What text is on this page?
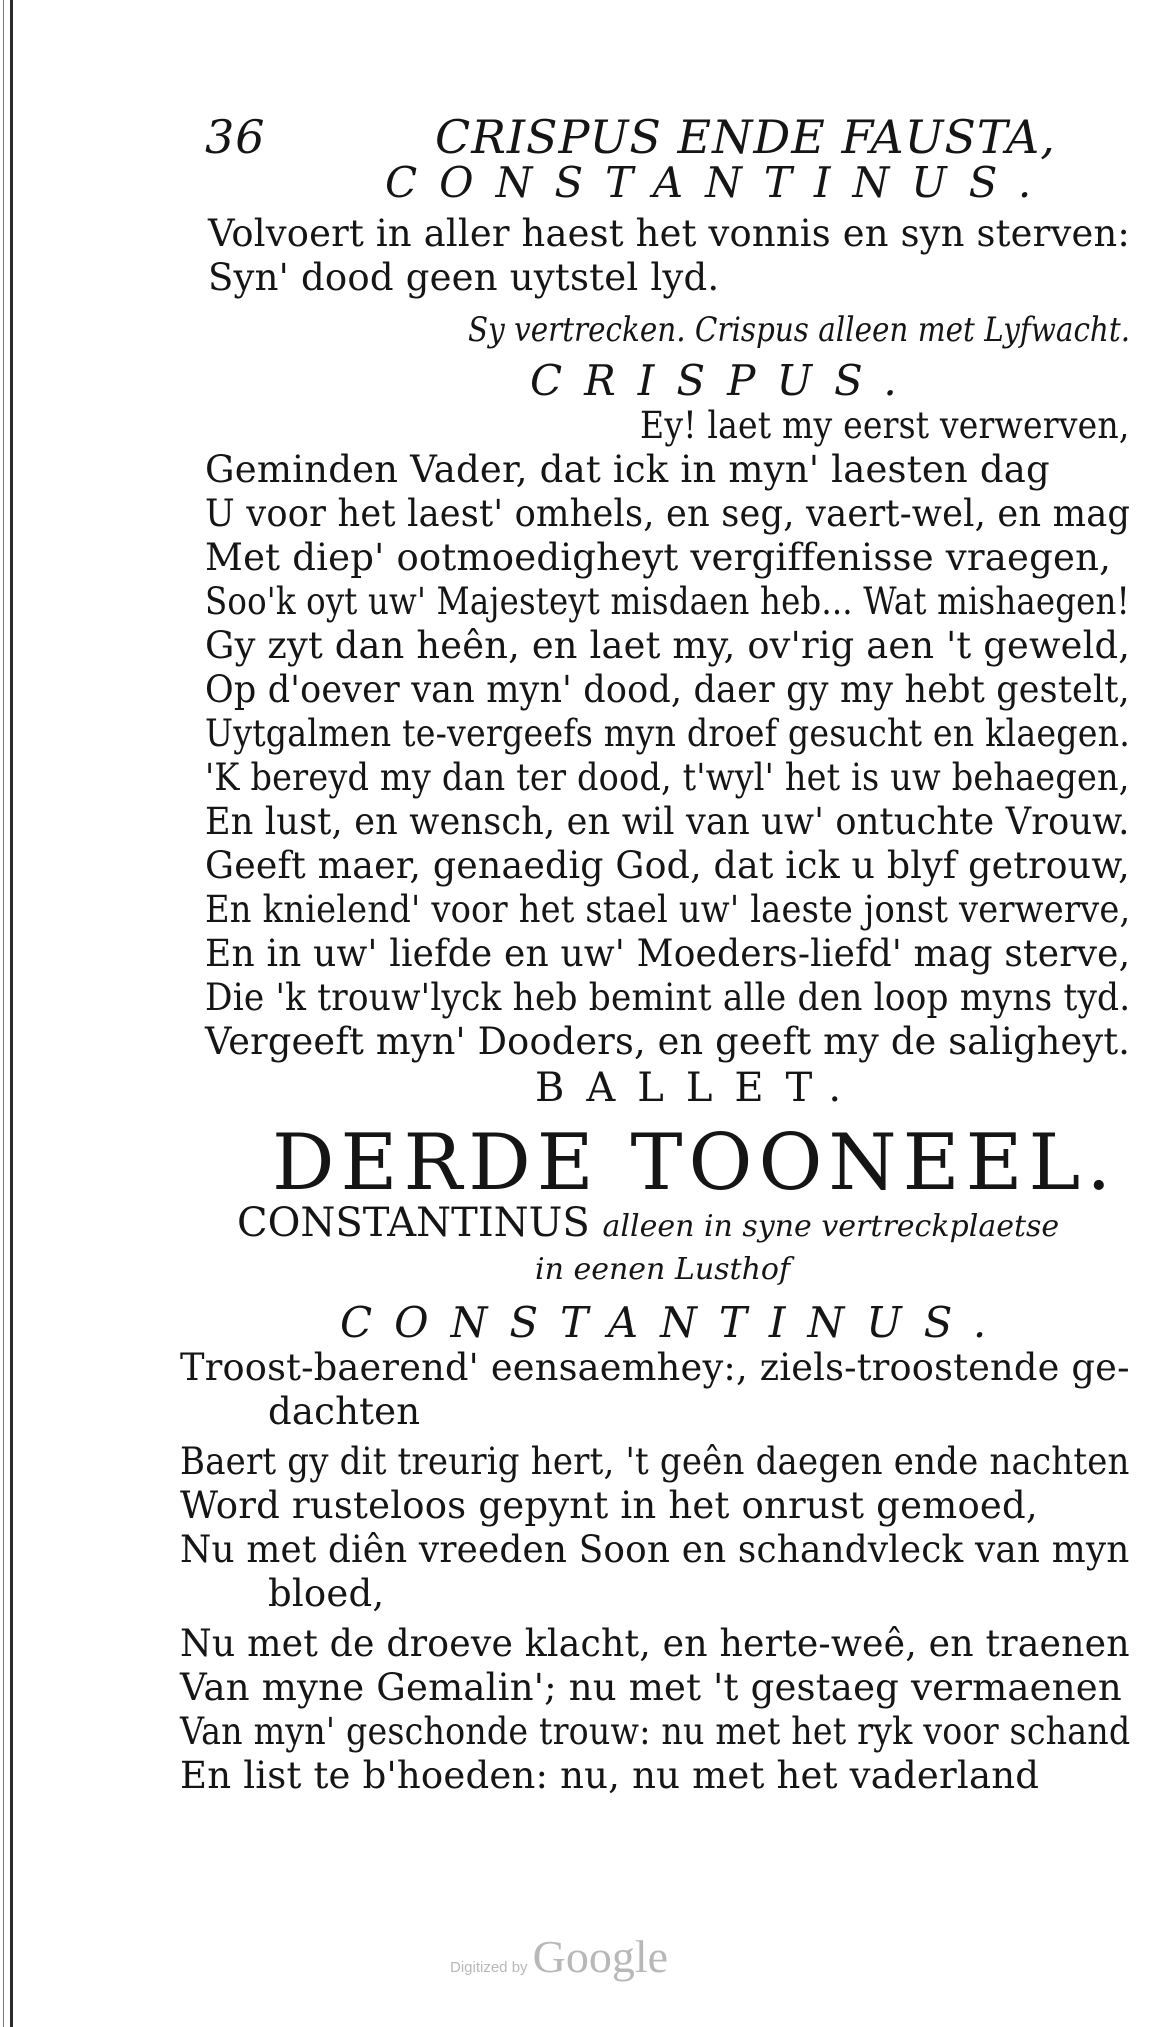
36	CRISPUS ENDE FAUSTA,
CONSTANTINUS.
Volvoert in aller haest het vonnis en syn sterven:
Syn' dood geen uytstel lyd.
Sy vertrecken. Crispus alleen met Lyfwacht.
CRISPUS.
Ey! laet my eerst verwerven,
Geminden Vader, dat ick in myn' laesten dag
U voor het laest' omhels, en seg, vaert-wel, en mag
Met diep' ootmoedigheyt vergiffenisse vraegen,
Soo'k oyt uw' Majesteyt misdaen heb... Wat mishaegen!
Gy zyt dan heên, en laet my, ov'rig aen 't geweld,
Op d'oever van myn' dood, daer gy my hebt gestelt,
Uytgalmen te-vergeefs myn droef gesucht en klaegen.
'K bereyd my dan ter dood, t'wyl' het is uw behaegen,
En lust, en wensch, en wil van uw' ontuchte Vrouw.
Geeft maer, genaedig God, dat ick u blyf getrouw,
En knielend' voor het stael uw' laeste jonst verwerve,
En in uw' liefde en uw' Moeders-liefd' mag sterve,
Die 'k trouw'lyck heb bemint alle den loop myns tyd.
Vergeeft myn' Dooders, en geeft my de saligheyt.
BALLET.
DERDE TOONEEL.
CONSTANTINUS alleen in syne vertreckplaetse
in eenen Lusthof
CONSTANTINUS.
Troost-baerend' eensaemhey:, ziels-troostende ge-
dachten
Baert gy dit treurig hert, 't geên daegen ende nachten
Word rusteloos gepynt in het onrust gemoed,
Nu met diên vreeden Soon en schandvleck van myn
bloed,
Nu met de droeve klacht, en herte-weê, en traenen
Van myne Gemalin'; nu met 't gestaeg vermaenen
Van myn' geschonde trouw: nu met het ryk voor schand
En list te b'hoeden: nu, nu met het vaderland
Digitized by Google
